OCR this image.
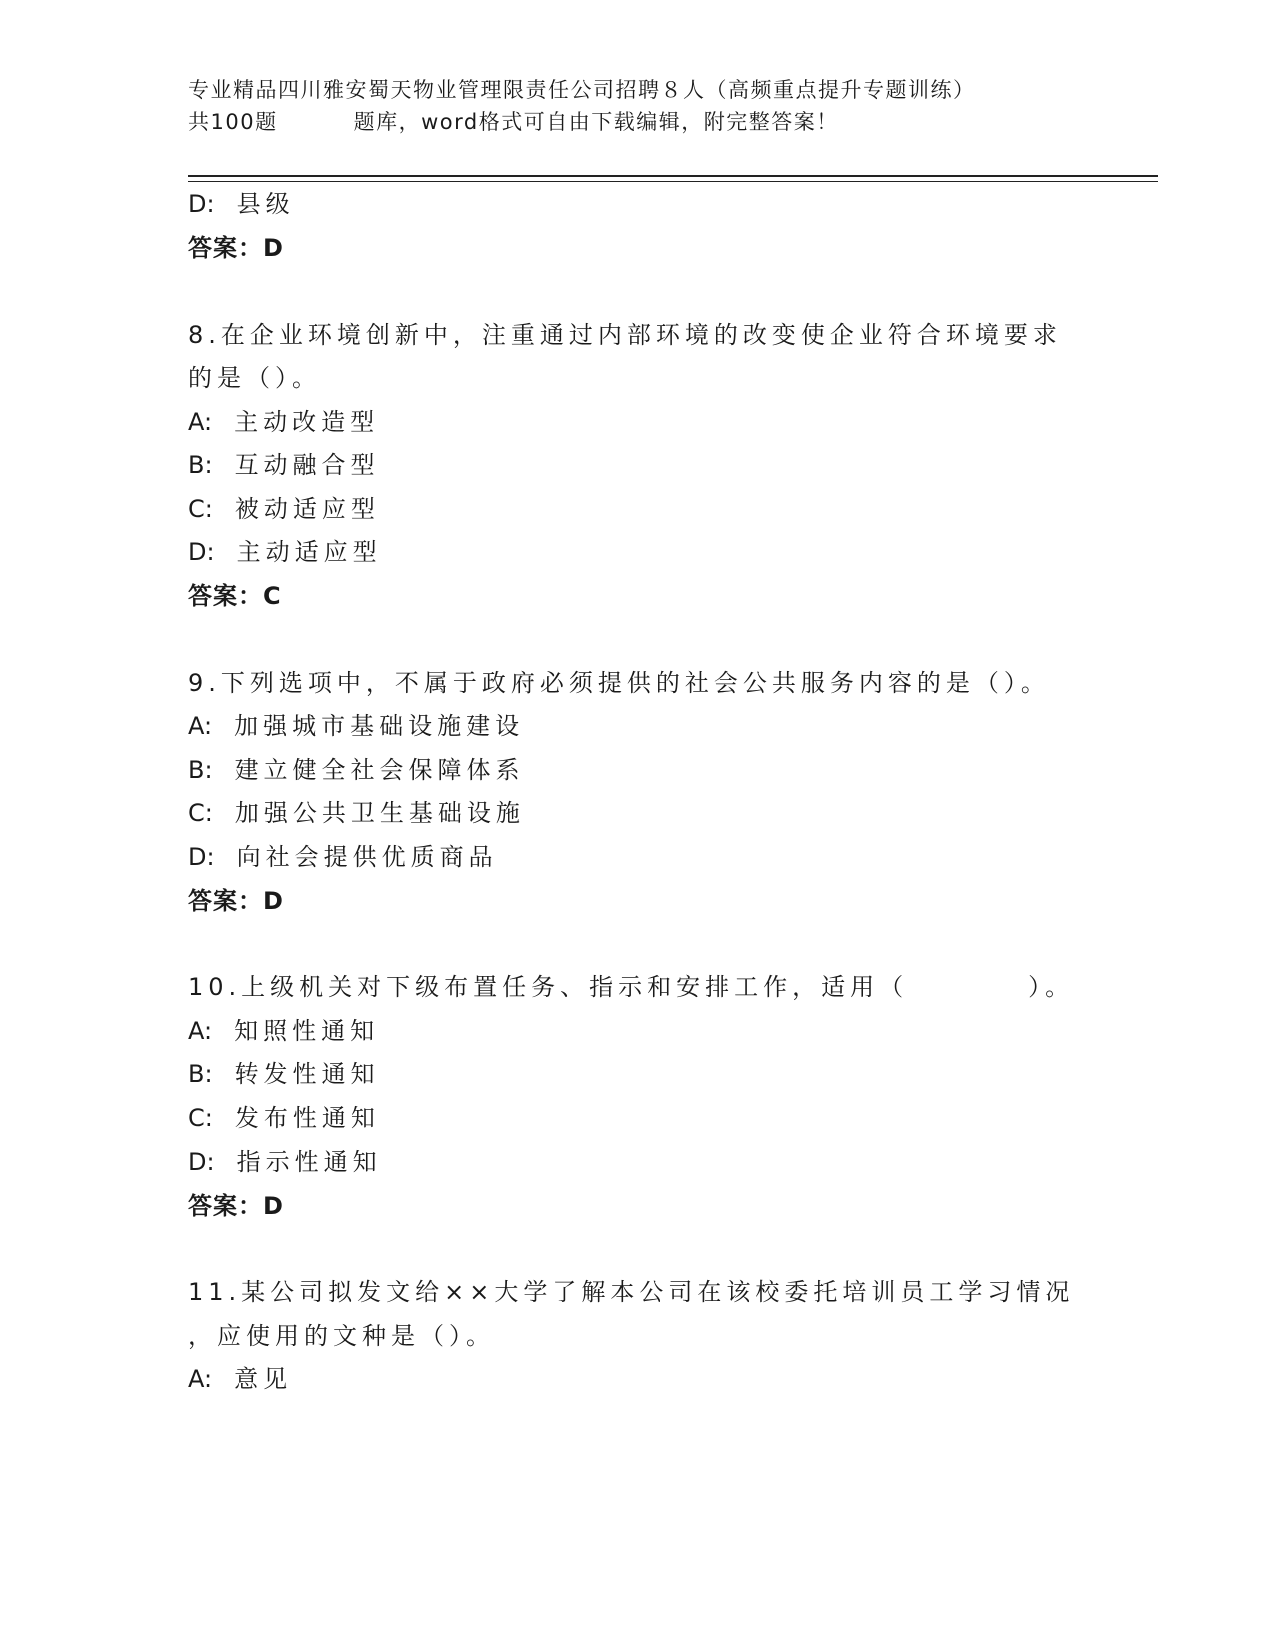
专业精品四川雅安蜀天物业管理限责任公司招聘８人（高频重点提升专题训练）
共100题	题库，word格式可自由下载编辑，附完整答案！
D: 县级
答案：D
8.在企业环境创新中，注重通过内部环境的改变使企业符合环境要求
的是（）。
A: 主动改造型
B: 互动融合型
C: 被动适应型
D: 主动适应型
答案：C
9.下列选项中，不属于政府必须提供的社会公共服务内容的是（）。
A: 加强城市基础设施建设
B: 建立健全社会保障体系
C: 加强公共卫生基础设施
D: 向社会提供优质商品
答案：D
10.上级机关对下级布置任务、指示和安排工作，适用（	）。
A: 知照性通知
B: 转发性通知
C: 发布性通知
D: 指示性通知
答案：D
11.某公司拟发文给××大学了解本公司在该校委托培训员工学习情况
，应使用的文种是（）。
A: 意见
